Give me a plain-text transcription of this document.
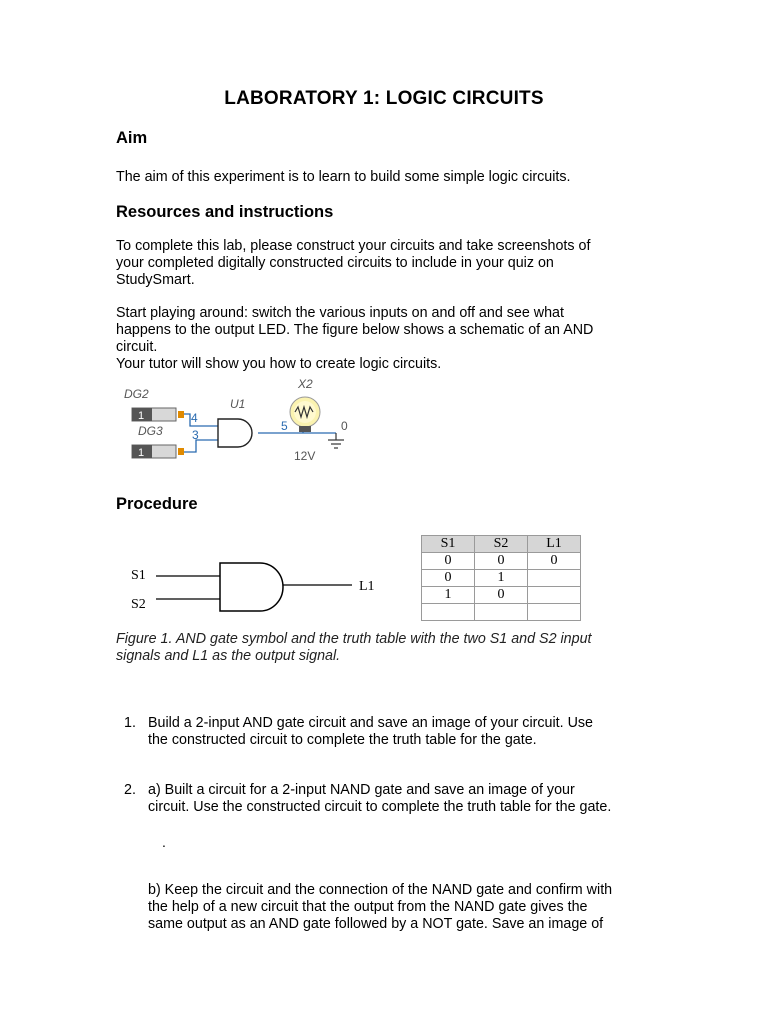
LABORATORY 1: LOGIC CIRCUITS
Aim
The aim of this experiment is to learn to build some simple logic circuits.
Resources and instructions
To complete this lab, please construct your circuits and take screenshots of
your completed digitally constructed circuits to include in your quiz on
StudySmart.
Start playing around: switch the various inputs on and off and see what
happens to the output LED. The figure below shows a schematic of an AND
circuit.
Your tutor will show you how to create logic circuits.
DG2
DG3
U1
X2
1
1
4
3
5	0
12V
Procedure
S1
S2
L1
S1	S2	L1
0	0	0
0	1	
1	0	

Figure 1. AND gate symbol and the truth table with the two S1 and S2 input
signals and L1 as the output signal.
1. Build a 2-input AND gate circuit and save an image of your circuit. Use
the constructed circuit to complete the truth table for the gate.
2. a) Built a circuit for a 2-input NAND gate and save an image of your
circuit. Use the constructed circuit to complete the truth table for the gate.
.
b) Keep the circuit and the connection of the NAND gate and confirm with
the help of a new circuit that the output from the NAND gate gives the
same output as an AND gate followed by a NOT gate. Save an image of
